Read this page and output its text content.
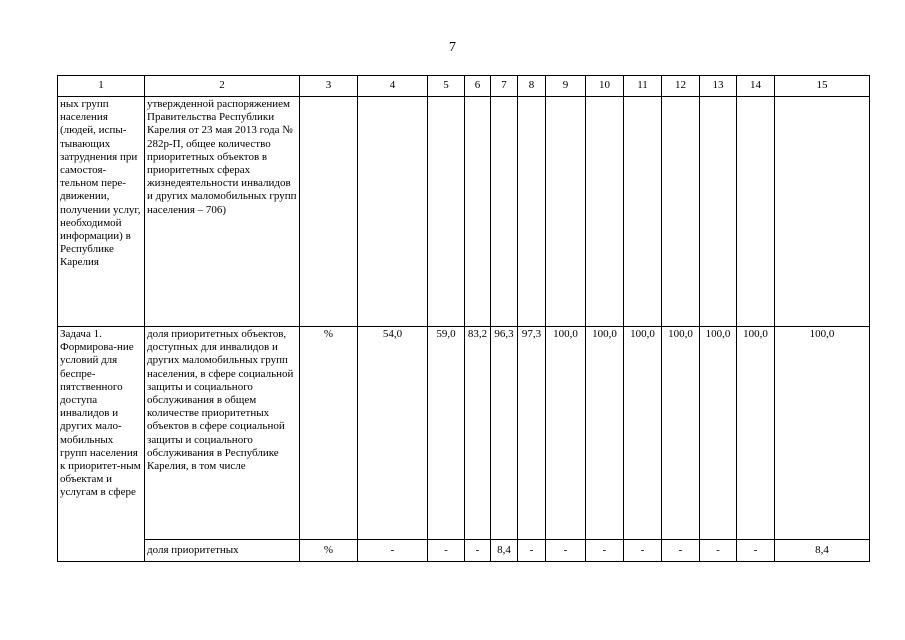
7
1	2	3	4	5	6	7	8	9	10	11	12	13	14	15
ных групп населения (людей, испы-тывающих затруднения при самостоя-тельном пере-движении, получении услуг, необходимой информации) в Республике Карелия	утвержденной распоряжением Правительства Республики Карелия от 23 мая 2013 года № 282р-П, общее количество приоритетных объектов в приоритетных сферах жизнедеятельности инвалидов и других маломобильных групп населения – 706)													
Задача 1. Формирова-ние условий для беспре-пятственного доступа инвалидов и других мало-мобильных групп населения к приоритет-ным объектам и услугам в сфере	доля приоритетных объектов, доступных для инвалидов и других маломобильных групп населения, в сфере социальной защиты и социального обслуживания в общем количестве приоритетных объектов в сфере социальной защиты и социального обслуживания в Республике Карелия, в том числе	%	54,0	59,0	83,2	96,3	97,3	100,0	100,0	100,0	100,0	100,0	100,0	100,0
	доля приоритетных	%	-	-	-	8,4	-	-	-	-	-	-	-	8,4
